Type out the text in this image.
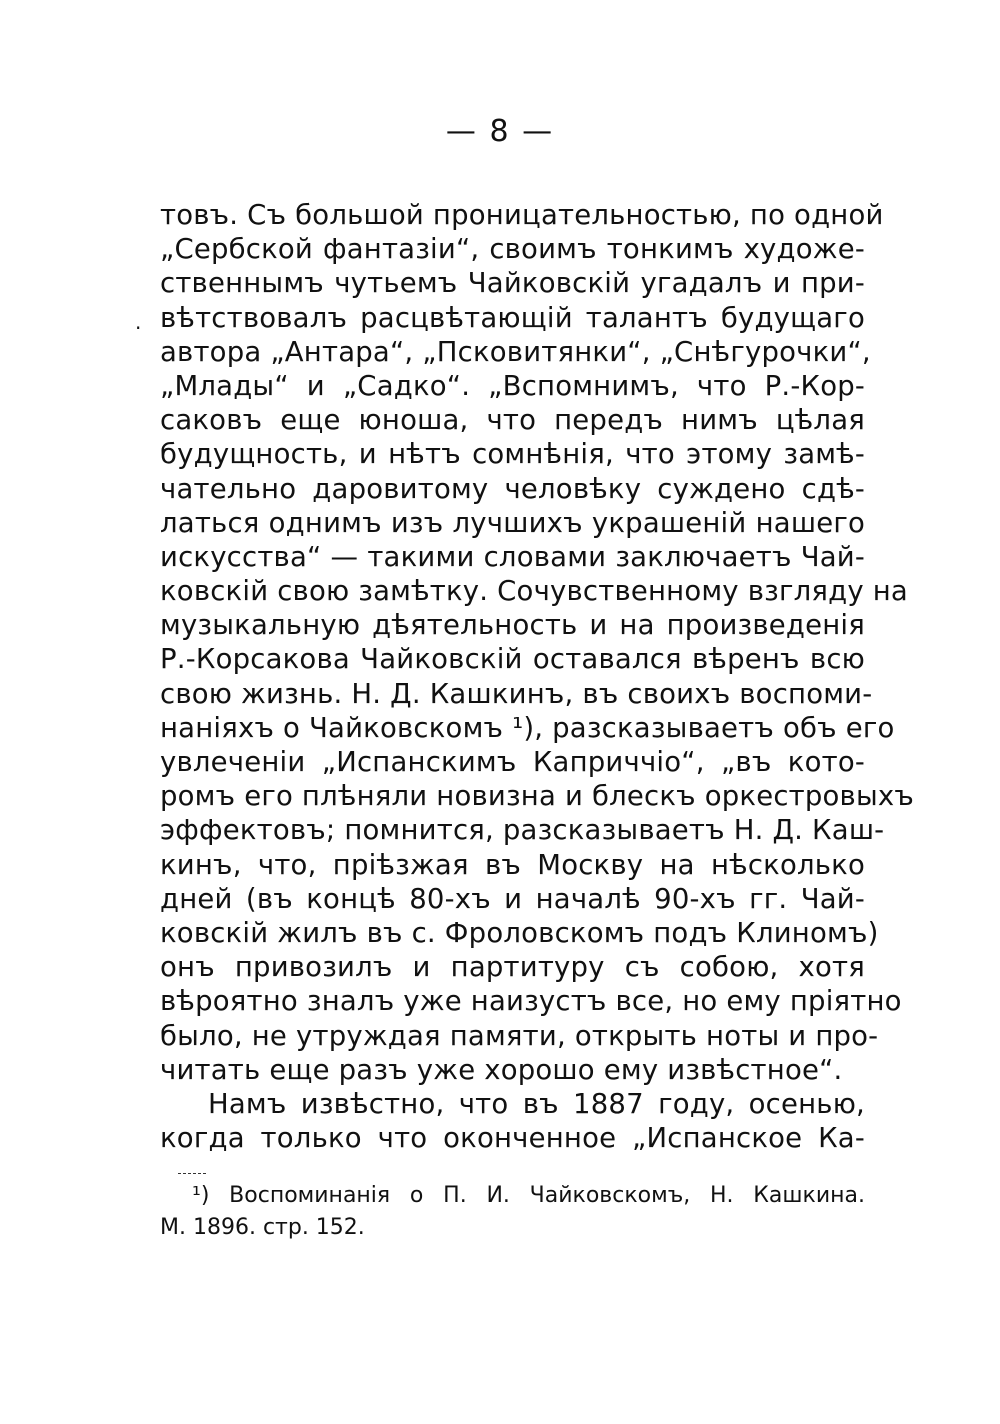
— 8 —
·
товъ. Съ большой проницательностью, по одной
„Сербской фантазіи“, своимъ тонкимъ художе-
ственнымъ чутьемъ Чайковскій угадалъ и при-
вѣтствовалъ расцвѣтающій талантъ будущаго
автора „Антара“, „Псковитянки“, „Снѣгурочки“,
„Млады“ и „Садко“. „Вспомнимъ, что Р.-Кор-
саковъ еще юноша, что передъ нимъ цѣлая
будущность, и нѣтъ сомнѣнія, что этому замѣ-
чательно даровитому человѣку суждено сдѣ-
латься однимъ изъ лучшихъ украшеній нашего
искусства“ — такими словами заключаетъ Чай-
ковскій свою замѣтку. Сочувственному взгляду на
музыкальную дѣятельность и на произведенія
Р.-Корсакова Чайковскій оставался вѣренъ всю
свою жизнь. Н. Д. Кашкинъ, въ своихъ воспоми-
наніяхъ о Чайковскомъ ¹), разсказываетъ объ его
увлеченіи „Испанскимъ Каприччіо“, „въ кото-
ромъ его плѣняли новизна и блескъ оркестровыхъ
эффектовъ; помнится, разсказываетъ Н. Д. Каш-
кинъ, что, пріѣзжая въ Москву на нѣсколько
дней (въ концѣ 80-хъ и началѣ 90-хъ гг. Чай-
ковскій жилъ въ с. Фроловскомъ подъ Клиномъ)
онъ привозилъ и партитуру съ собою, хотя
вѣроятно зналъ уже наизустъ все, но ему пріятно
было, не утруждая памяти, открыть ноты и про-
читать еще разъ уже хорошо ему извѣстное“.
Намъ извѣстно, что въ 1887 году, осенью,
когда только что оконченное „Испанское Ка-
¹) Воспоминанія о П. И. Чайковскомъ, Н. Кашкина.
М. 1896. стр. 152.
